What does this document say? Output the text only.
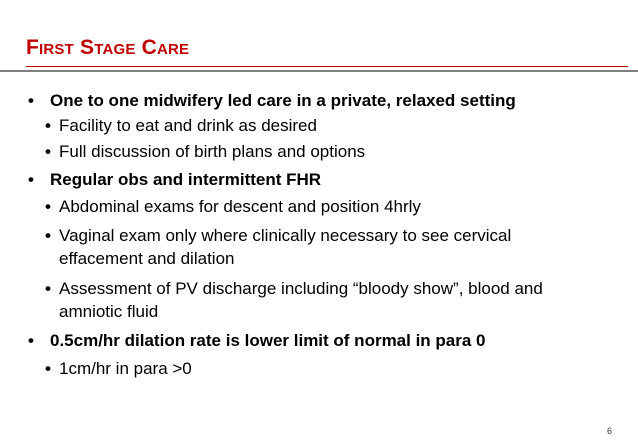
First Stage Care
• One to one midwifery led care in a private, relaxed setting
• Facility to eat and drink as desired
• Full discussion of birth plans and options
• Regular obs and intermittent FHR
• Abdominal exams for descent and position 4hrly
• Vaginal exam only where clinically necessary to see cervical
effacement and dilation
• Assessment of PV discharge including “bloody show”, blood and
amniotic fluid
• 0.5cm/hr dilation rate is lower limit of normal in para 0
• 1cm/hr in para >0
6
